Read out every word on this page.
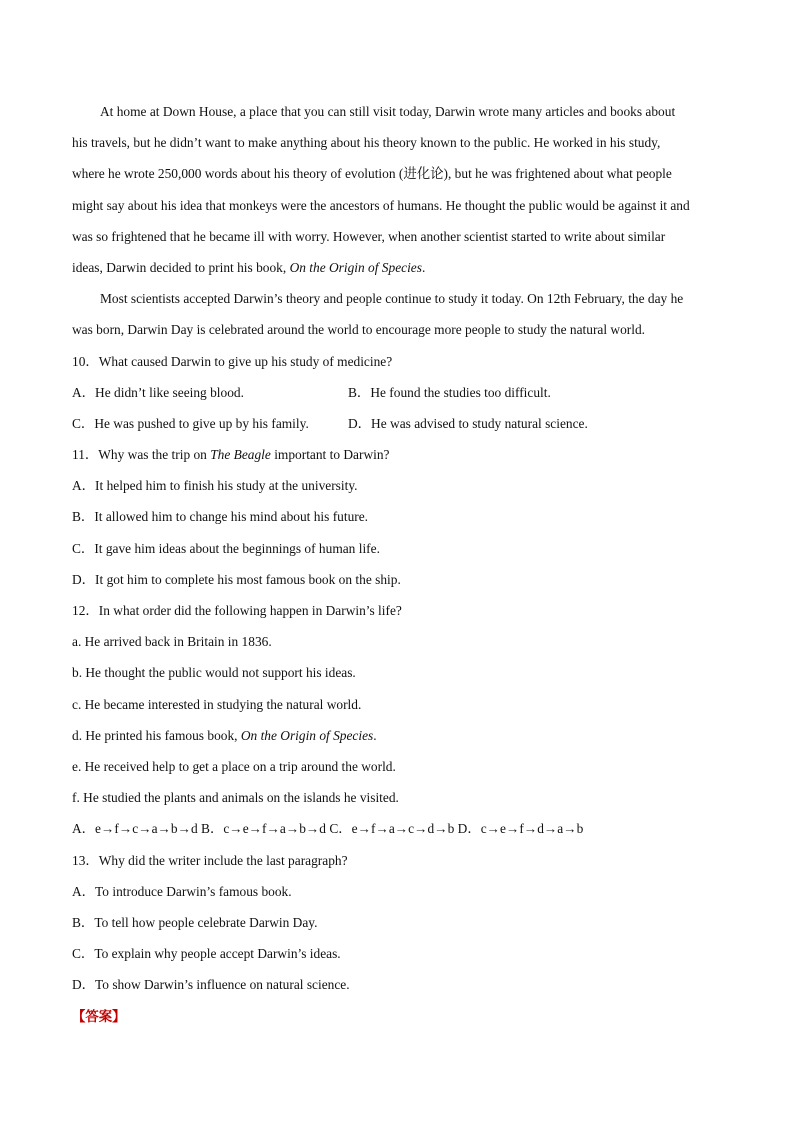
At home at Down House, a place that you can still visit today, Darwin wrote many articles and books about
his travels, but he didn’t want to make anything about his theory known to the public. He worked in his study,
where he wrote 250,000 words about his theory of evolution (进化论), but he was frightened about what people
might say about his idea that monkeys were the ancestors of humans. He thought the public would be against it and
was so frightened that he became ill with worry. However, when another scientist started to write about similar
ideas, Darwin decided to print his book, On the Origin of Species.
Most scientists accepted Darwin’s theory and people continue to study it today. On 12th February, the day he
was born, Darwin Day is celebrated around the world to encourage more people to study the natural world.
10．What caused Darwin to give up his study of medicine?
A．He didn’t like seeing blood.	B．He found the studies too difficult.
C．He was pushed to give up by his family.	D．He was advised to study natural science.
11．Why was the trip on The Beagle important to Darwin?
A．It helped him to finish his study at the university.
B．It allowed him to change his mind about his future.
C．It gave him ideas about the beginnings of human life.
D．It got him to complete his most famous book on the ship.
12．In what order did the following happen in Darwin’s life?
a. He arrived back in Britain in 1836.
b. He thought the public would not support his ideas.
c. He became interested in studying the natural world.
d. He printed his famous book, On the Origin of Species.
e. He received help to get a place on a trip around the world.
f. He studied the plants and animals on the islands he visited.
A．e→f→c→a→b→d B．c→e→f→a→b→d C．e→f→a→c→d→b D．c→e→f→d→a→b
13．Why did the writer include the last paragraph?
A．To introduce Darwin’s famous book.
B．To tell how people celebrate Darwin Day.
C．To explain why people accept Darwin’s ideas.
D．To show Darwin’s influence on natural science.
【答案】
